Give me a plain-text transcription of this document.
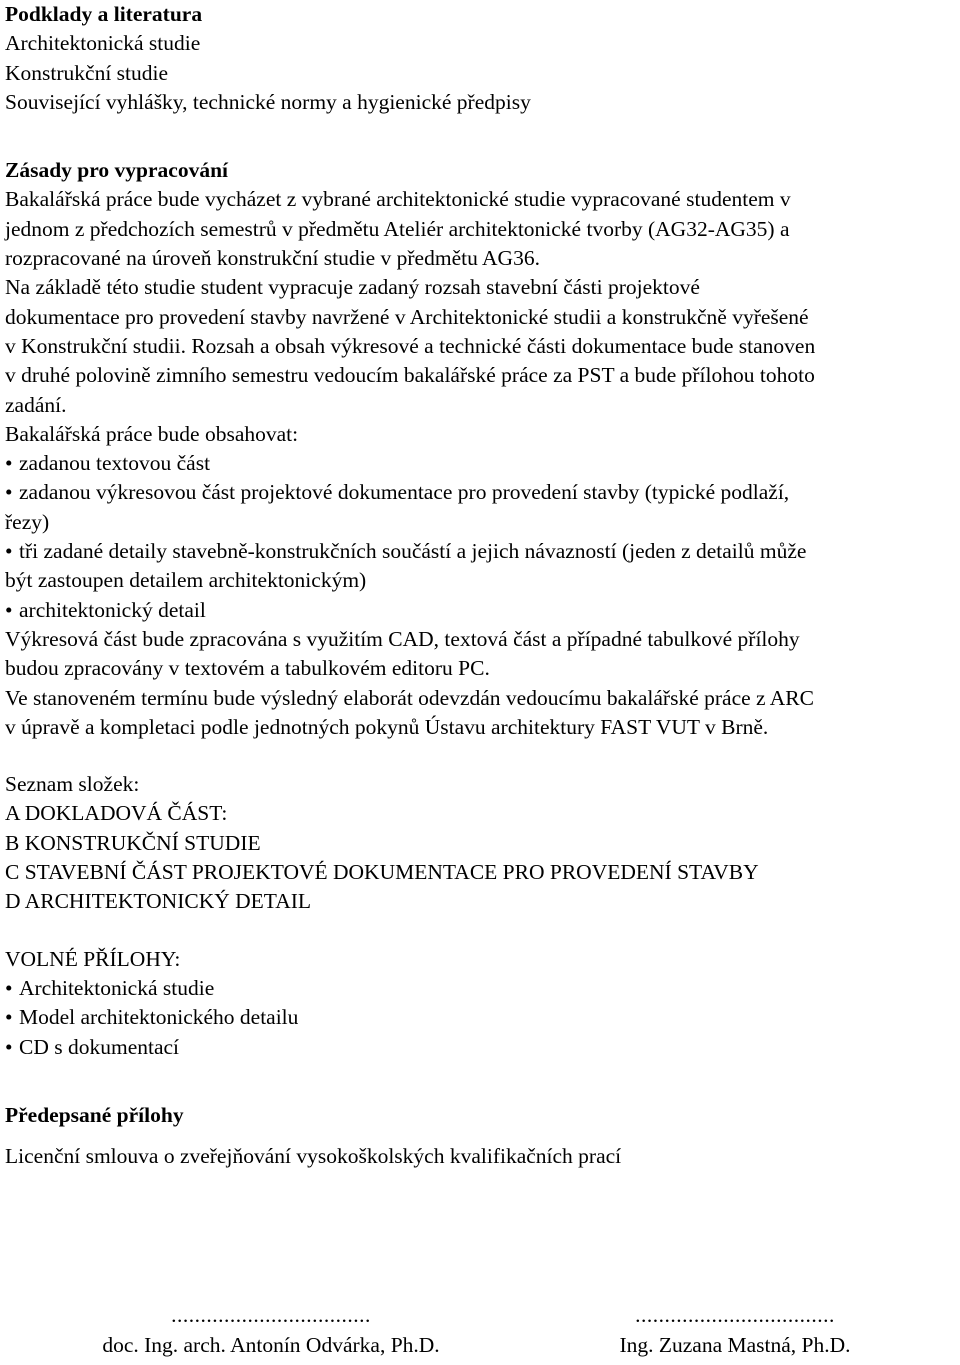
Podklady a literatura
Architektonická studie
Konstrukční studie
Související vyhlášky, technické normy a hygienické předpisy
Zásady pro vypracování
Bakalářská práce bude vycházet z vybrané architektonické studie vypracované studentem v
jednom z předchozích semestrů v předmětu Ateliér architektonické tvorby (AG32-AG35) a
rozpracované na úroveň konstrukční studie v předmětu AG36.
Na základě této studie student vypracuje zadaný rozsah stavební části projektové
dokumentace pro provedení stavby navržené v Architektonické studii a konstrukčně vyřešené
v Konstrukční studii. Rozsah a obsah výkresové a technické části dokumentace bude stanoven
v druhé polovině zimního semestru vedoucím bakalářské práce za PST a bude přílohou tohoto
zadání.
Bakalářská práce bude obsahovat:
• zadanou textovou část
• zadanou výkresovou část projektové dokumentace pro provedení stavby (typické podlaží,
řezy)
• tři zadané detaily stavebně-konstrukčních součástí a jejich návazností (jeden z detailů může
být zastoupen detailem architektonickým)
• architektonický detail
Výkresová část bude zpracována s využitím CAD, textová část a případné tabulkové přílohy
budou zpracovány v textovém a tabulkovém editoru PC.
Ve stanoveném termínu bude výsledný elaborát odevzdán vedoucímu bakalářské práce z ARC
v úpravě a kompletaci podle jednotných pokynů Ústavu architektury FAST VUT v Brně.
Seznam složek:
A DOKLADOVÁ ČÁST:
B KONSTRUKČNÍ STUDIE
C STAVEBNÍ ČÁST PROJEKTOVÉ DOKUMENTACE PRO PROVEDENÍ STAVBY
D ARCHITEKTONICKÝ DETAIL
VOLNÉ PŘÍLOHY:
• Architektonická studie
• Model architektonického detailu
• CD s dokumentací
Předepsané přílohy
Licenční smlouva o zveřejňování vysokoškolských kvalifikačních prací
..................................
doc. Ing. arch. Antonín Odvárka, Ph.D.
..................................
Ing. Zuzana Mastná, Ph.D.
